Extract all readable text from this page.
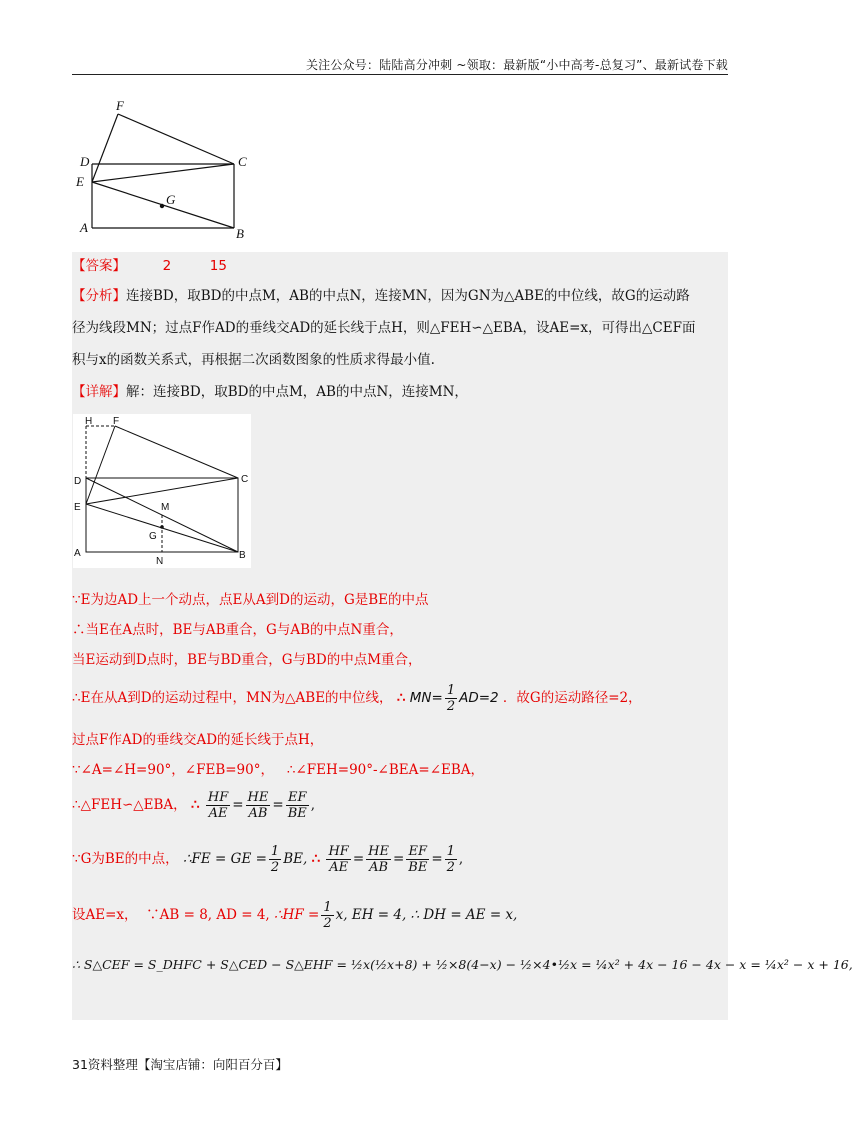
关注公众号：陆陆高分冲刺 ~领取：最新版“小中高考-总复习”、最新试卷下载
F
D	C
E
G
A	B
【答案】	2	15
【分析】连接BD，取BD的中点M，AB的中点N，连接MN，因为GN为△ABE的中位线，故G的运动路
径为线段MN；过点F作AD的垂线交AD的延长线于点H，则△FEH∽△EBA，设AE=x，可得出△CEF面
积与x的函数关系式，再根据二次函数图象的性质求得最小值.
【详解】解：连接BD，取BD的中点M，AB的中点N，连接MN，
H F
D	C
E	M
G
A
N
B
∵E为边AD上一个动点，点E从A到D的运动，G是BE的中点
∴当E在A点时，BE与AB重合，G与AB的中点N重合，
当E运动到D点时，BE与BD重合，G与BD的中点M重合，
∴E在从A到D的运动过程中，MN为△ABE的中位线， ∴ $MN= \frac{1}{2} AD=2$ ．故G的运动路径=2，
过点F作AD的垂线交AD的延长线于点H，
∵∠A=∠H=90°，∠FEB=90°， ∴∠FEH=90°-∠BEA=∠EBA，
∴△FEH∽△EBA， ∴ $\frac{HF}{AE} = \frac{HE}{AB} = \frac{EF}{BE}$ ,
∵G为BE的中点， ∴FE = GE = $\frac{1}{2}$ BE, ∴ $\frac{HF}{AE} = \frac{HE}{AB} = \frac{EF}{BE} = \frac{1}{2}$ ,
设AE=x， ∵AB = 8, AD = 4, ∴HF = $\frac{1}{2} x$, EH = 4, ∴ DH = AE = x,
∴ S△CEF = S_DHFC + S△CED − S△EHF = ½x(½x+8) + ½×8(4−x) − ½×4•½x = ¼x² + 4x − 16 − 4x − x = ¼x² − x + 16,
31资料整理【淘宝店铺：向阳百分百】
